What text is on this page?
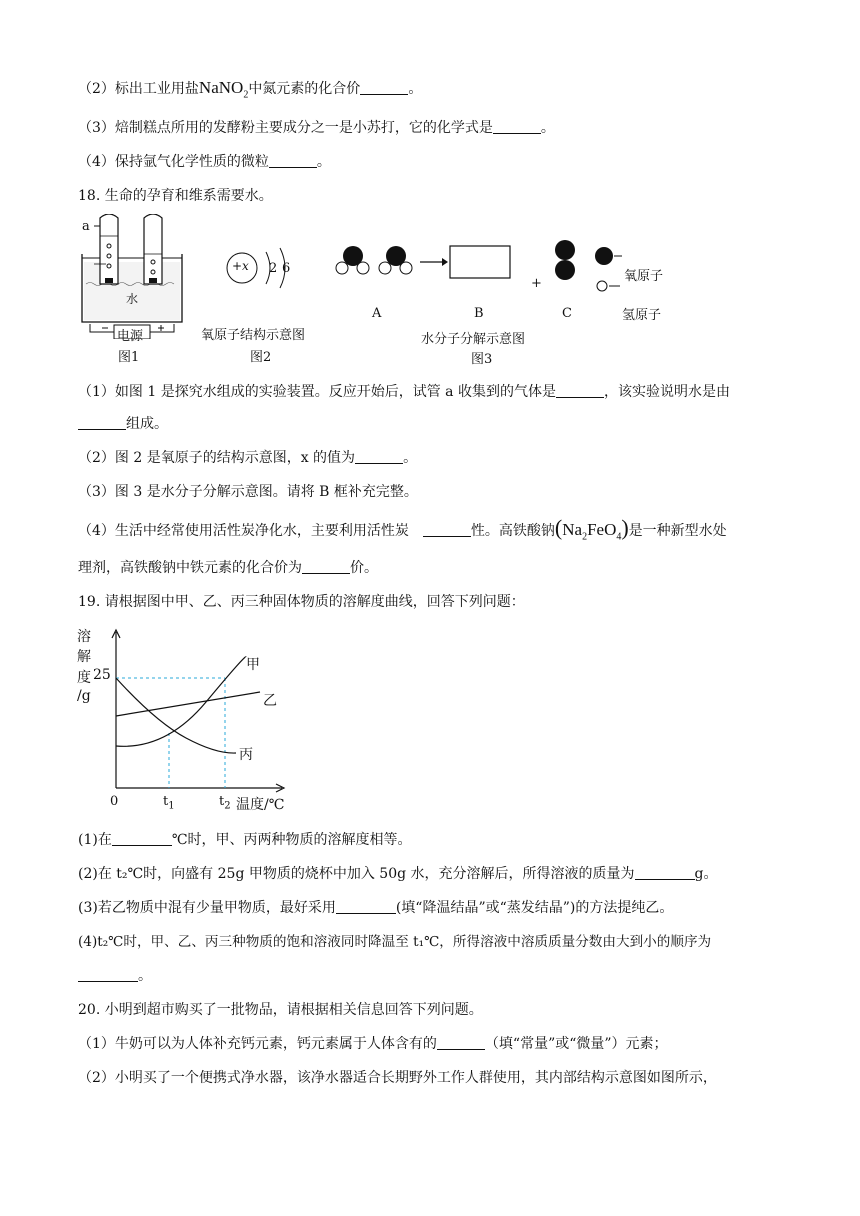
（2）标出工业用盐NaNO$_2$中氮元素的化合价	。
（3）焙制糕点所用的发酵粉主要成分之一是小苏打，它的化学式是	。
（4）保持氩气化学性质的微粒	。
18. 生命的孕育和维系需要水。
a
水
电源
图1
+x 2 6
氧原子结构示意图
图2
A	B
+
C
氧原子
氢原子
水分子分解示意图
图3
（1）如图 1 是探究水组成的实验装置。反应开始后，试管 a 收集到的气体是	，该实验说明水是由
组成。
（2）图 2 是氧原子的结构示意图，x 的值为	。
（3）图 3 是水分子分解示意图。请将 B 框补充完整。
（4）生活中经常使用活性炭净化水，主要利用活性炭	性。高铁酸钠$(Na_2FeO_4)$是一种新型水处
理剂，高铁酸钠中铁元素的化合价为	价。
19. 请根据图中甲、乙、丙三种固体物质的溶解度曲线，回答下列问题：
溶
解
度 25
/g
0	$t_1$	$t_2$ 温度/℃
甲
乙
丙
(1)在	℃时，甲、丙两种物质的溶解度相等。
(2)在 t₂℃时，向盛有 25g 甲物质的烧杯中加入 50g 水，充分溶解后，所得溶液的质量为	g。
(3)若乙物质中混有少量甲物质，最好采用	(填“降温结晶”或“蒸发结晶”)的方法提纯乙。
(4)t₂℃时，甲、乙、丙三种物质的饱和溶液同时降温至 t₁℃，所得溶液中溶质质量分数由大到小的顺序为
。
20. 小明到超市购买了一批物品，请根据相关信息回答下列问题。
（1）牛奶可以为人体补充钙元素，钙元素属于人体含有的	（填“常量”或“微量”）元素；
（2）小明买了一个便携式净水器，该净水器适合长期野外工作人群使用，其内部结构示意图如图所示，
